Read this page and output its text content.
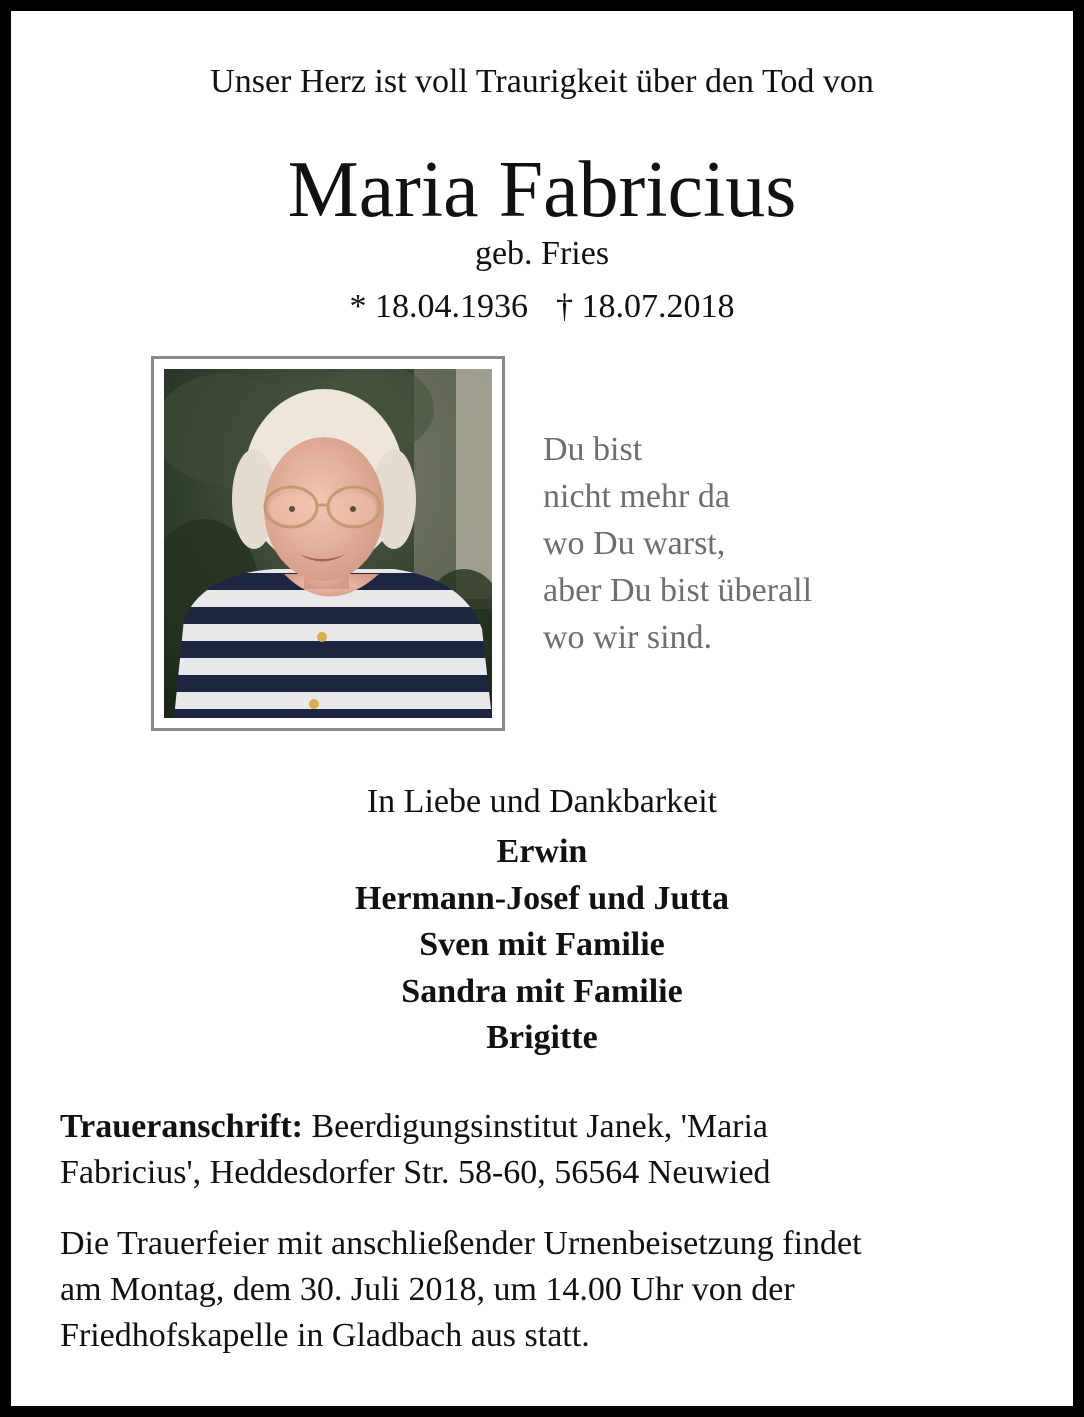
Unser Herz ist voll Traurigkeit über den Tod von
Maria Fabricius
geb. Fries
* 18.04.1936 † 18.07.2018
Du bist
nicht mehr da
wo Du warst,
aber Du bist überall
wo wir sind.
In Liebe und Dankbarkeit
Erwin
Hermann-Josef und Jutta
Sven mit Familie
Sandra mit Familie
Brigitte
Traueranschrift: Beerdigungsinstitut Janek, 'Maria
Fabricius', Heddesdorfer Str. 58-60, 56564 Neuwied
Die Trauerfeier mit anschließender Urnenbeisetzung findet
am Montag, dem 30. Juli 2018, um 14.00 Uhr von der
Friedhofskapelle in Gladbach aus statt.
